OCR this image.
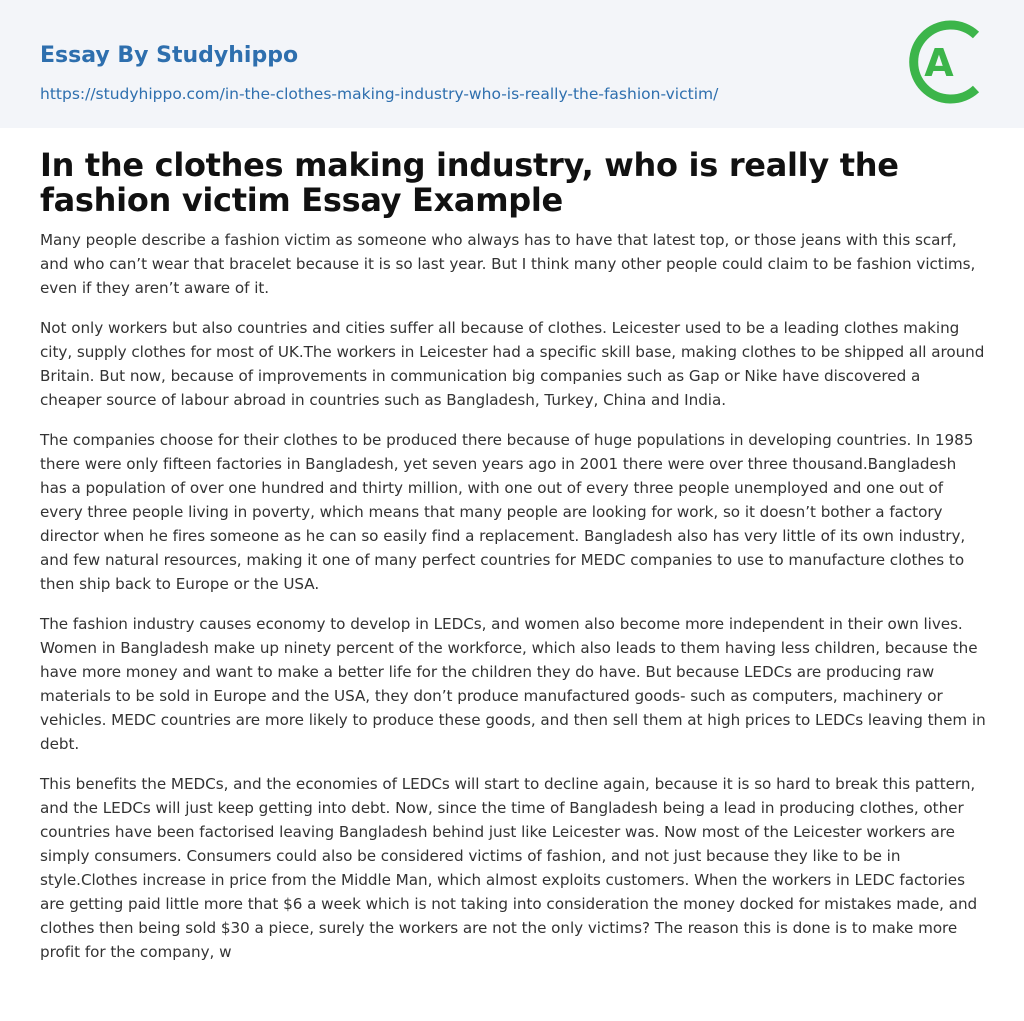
Essay By Studyhippo
https://studyhippo.com/in-the-clothes-making-industry-who-is-really-the-fashion-victim/
A
In the clothes making industry, who is really the fashion victim Essay Example

Many people describe a fashion victim as someone who always has to have that latest top, or those jeans with this scarf, and who can’t wear that bracelet because it is so last year. But I think many other people could claim to be fashion victims, even if they aren’t aware of it.

Not only workers but also countries and cities suffer all because of clothes. Leicester used to be a leading clothes making city, supply clothes for most of UK.The workers in Leicester had a specific skill base, making clothes to be shipped all around Britain. But now, because of improvements in communication big companies such as Gap or Nike have discovered a cheaper source of labour abroad in countries such as Bangladesh, Turkey, China and India.

The companies choose for their clothes to be produced there because of huge populations in developing countries. In 1985 there were only fifteen factories in Bangladesh, yet seven years ago in 2001 there were over three thousand.Bangladesh has a population of over one hundred and thirty million, with one out of every three people unemployed and one out of every three people living in poverty, which means that many people are looking for work, so it doesn’t bother a factory director when he fires someone as he can so easily find a replacement. Bangladesh also has very little of its own industry, and few natural resources, making it one of many perfect countries for MEDC companies to use to manufacture clothes to then ship back to Europe or the USA.

The fashion industry causes economy to develop in LEDCs, and women also become more independent in their own lives. Women in Bangladesh make up ninety percent of the workforce, which also leads to them having less children, because the have more money and want to make a better life for the children they do have. But because LEDCs are producing raw materials to be sold in Europe and the USA, they don’t produce manufactured goods- such as computers, machinery or vehicles. MEDC countries are more likely to produce these goods, and then sell them at high prices to LEDCs leaving them in debt.

This benefits the MEDCs, and the economies of LEDCs will start to decline again, because it is so hard to break this pattern, and the LEDCs will just keep getting into debt. Now, since the time of Bangladesh being a lead in producing clothes, other countries have been factorised leaving Bangladesh behind just like Leicester was. Now most of the Leicester workers are simply consumers. Consumers could also be considered victims of fashion, and not just because they like to be in style.Clothes increase in price from the Middle Man, which almost exploits customers. When the workers in LEDC factories are getting paid little more that $6 a week which is not taking into consideration the money docked for mistakes made, and clothes then being sold $30 a piece, surely the workers are not the only victims? The reason this is done is to make more profit for the company, w
